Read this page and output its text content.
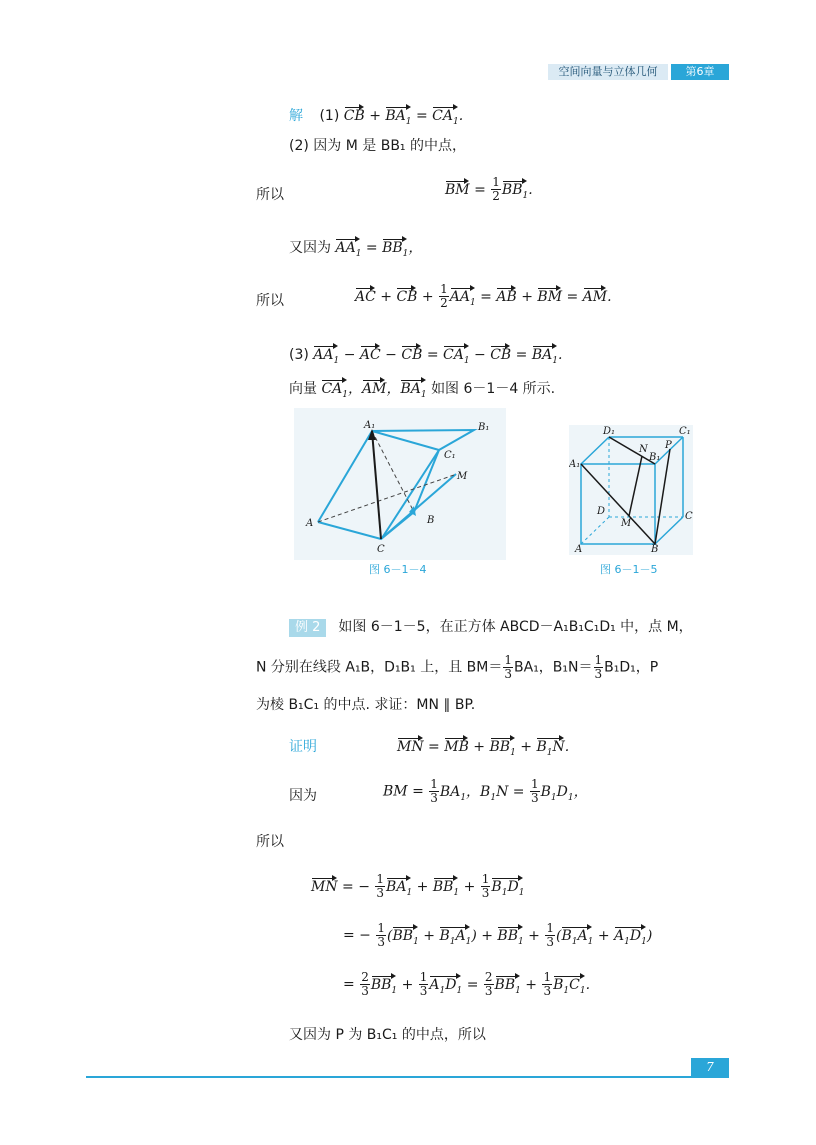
空间向量与立体几何	第6章
解 (1) CB + $BA_1 = CA_1$.
(2) 因为 M 是 BB₁ 的中点，
所以	BM = $\frac{1}{2} BB_1$.
又因为 $AA_1 = BB_1$，
所以	AC + CB + $\frac{1}{2} AA_1$ = AB + BM = AM.
(3) $AA_1$ − AC − CB = $CA_1$ − CB = $BA_1$.
向量 $CA_1$，AM，$BA_1$ 如图 6－1－4 所示.
A₁	B₁
C₁
M
A	B
C
图 6－1－4
D₁	C₁
N P
B₁
A₁
D
M
C
A	B
图 6－1－5
例 2 如图 6－1－5，在正方体 ABCD－A₁B₁C₁D₁ 中，点 M，
N 分别在线段 A₁B，D₁B₁ 上，且 $BM= \frac{1}{3} BA_1$，$B_1N= \frac{1}{3} B_1D_1$，P
为棱 B₁C₁ 的中点. 求证：MN ∥ BP.
证明	MN = MB + $BB_1 + B_1N$.
因为	BM = $\frac{1}{3} BA_1$，$B_1N = \frac{1}{3} B_1D_1$，
所以
MN = − $\frac{1}{3} BA_1 + BB_1 + \frac{1}{3} B_1D_1$
= − $\frac{1}{3} (BB_1 + B_1A_1) + BB_1 + \frac{1}{3} (B_1A_1 + A_1D_1)$
= $\frac{2}{3} BB_1 + \frac{1}{3} A_1D_1 = \frac{2}{3} BB_1 + \frac{1}{3} B_1C_1$.
又因为 P 为 B₁C₁ 的中点，所以
7
